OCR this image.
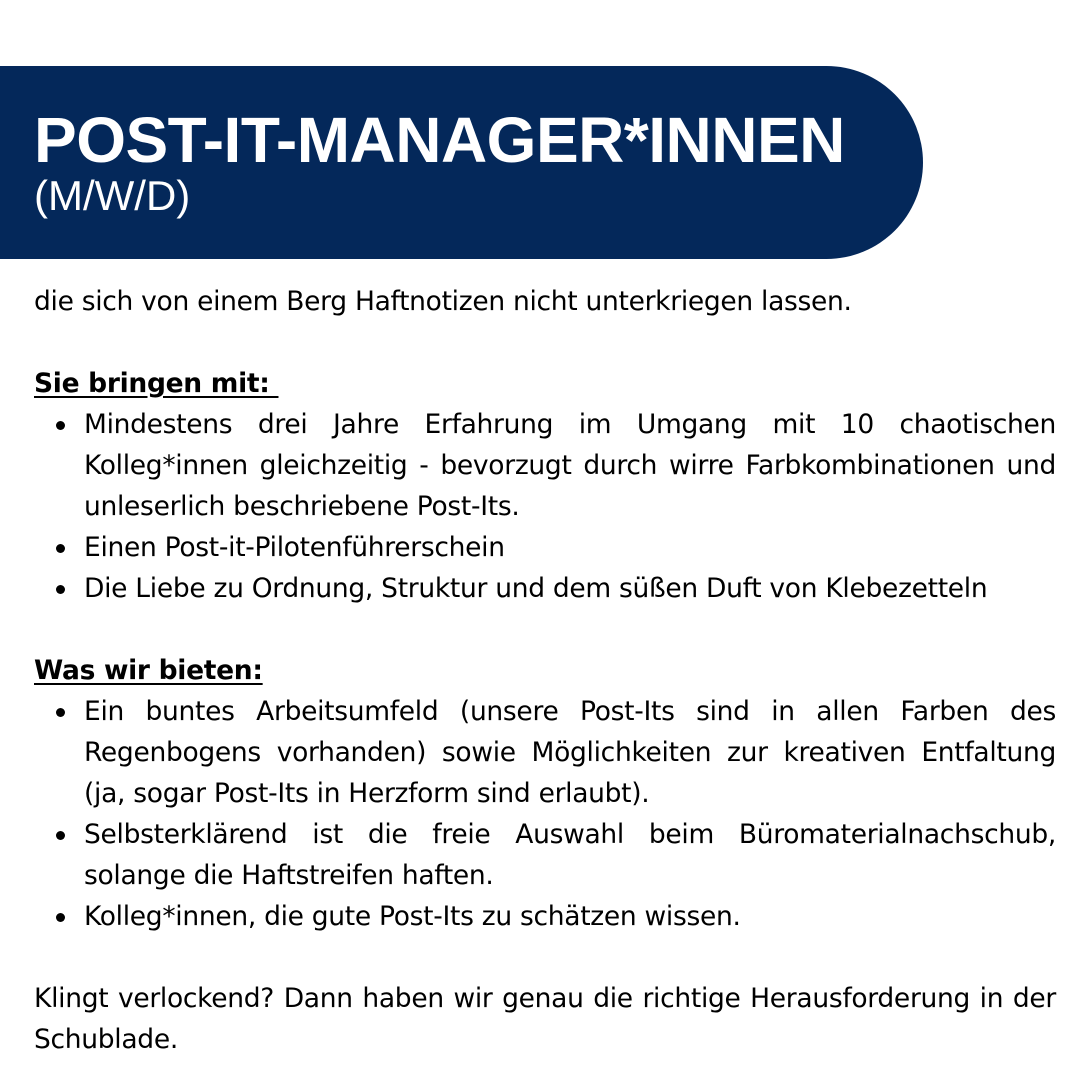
POST-IT-MANAGER*INNEN
(M/W/D)
die sich von einem Berg Haftnotizen nicht unterkriegen lassen.
Sie bringen mit:
Mindestens drei Jahre Erfahrung im Umgang mit 10 chaotischen Kolleg*innen gleichzeitig - bevorzugt durch wirre Farbkombinationen und unleserlich beschriebene Post-Its.
Einen Post-it-Pilotenführerschein
Die Liebe zu Ordnung, Struktur und dem süßen Duft von Klebezetteln
Was wir bieten:
Ein buntes Arbeitsumfeld (unsere Post-Its sind in allen Farben des Regenbogens vorhanden) sowie Möglichkeiten zur kreativen Entfaltung (ja, sogar Post-Its in Herzform sind erlaubt).
Selbsterklärend ist die freie Auswahl beim Büromaterialnachschub, solange die Haftstreifen haften.
Kolleg*innen, die gute Post-Its zu schätzen wissen.
Klingt verlockend? Dann haben wir genau die richtige Herausforderung in der Schublade.
